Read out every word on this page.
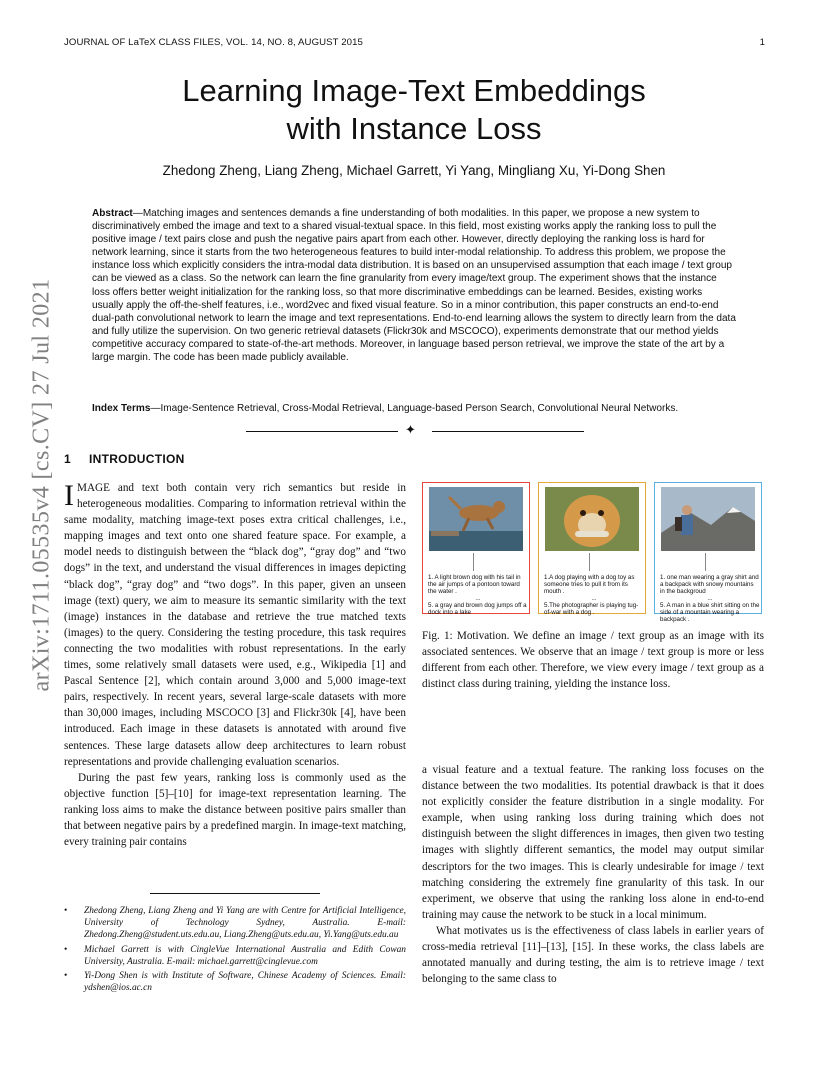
JOURNAL OF LaTeX CLASS FILES, VOL. 14, NO. 8, AUGUST 2015	1
arXiv:1711.05535v4 [cs.CV] 27 Jul 2021
Learning Image-Text Embeddings
with Instance Loss
Zhedong Zheng, Liang Zheng, Michael Garrett, Yi Yang, Mingliang Xu, Yi-Dong Shen
Abstract—Matching images and sentences demands a fine understanding of both modalities. In this paper, we propose a new system to discriminatively embed the image and text to a shared visual-textual space. In this field, most existing works apply the ranking loss to pull the positive image / text pairs close and push the negative pairs apart from each other. However, directly deploying the ranking loss is hard for network learning, since it starts from the two heterogeneous features to build inter-modal relationship. To address this problem, we propose the instance loss which explicitly considers the intra-modal data distribution. It is based on an unsupervised assumption that each image / text group can be viewed as a class. So the network can learn the fine granularity from every image/text group. The experiment shows that the instance loss offers better weight initialization for the ranking loss, so that more discriminative embeddings can be learned. Besides, existing works usually apply the off-the-shelf features, i.e., word2vec and fixed visual feature. So in a minor contribution, this paper constructs an end-to-end dual-path convolutional network to learn the image and text representations. End-to-end learning allows the system to directly learn from the data and fully utilize the supervision. On two generic retrieval datasets (Flickr30k and MSCOCO), experiments demonstrate that our method yields competitive accuracy compared to state-of-the-art methods. Moreover, in language based person retrieval, we improve the state of the art by a large margin. The code has been made publicly available.
Index Terms—Image-Sentence Retrieval, Cross-Modal Retrieval, Language-based Person Search, Convolutional Neural Networks.
✦
1 INTRODUCTION

IMAGE and text both contain very rich semantics but reside in heterogeneous modalities. Comparing to information retrieval within the same modality, matching image-text poses extra critical challenges, i.e., mapping images and text onto one shared feature space. For example, a model needs to distinguish between the “black dog”, “gray dog” and “two dogs” in the text, and understand the visual differences in images depicting “black dog”, “gray dog” and “two dogs”. In this paper, given an unseen image (text) query, we aim to measure its semantic similarity with the text (image) instances in the database and retrieve the true matched texts (images) to the query. Considering the testing procedure, this task requires connecting the two modalities with robust representations. In the early times, some relatively small datasets were used, e.g., Wikipedia [1] and Pascal Sentence [2], which contain around 3,000 and 5,000 image-text pairs, respectively. In recent years, several large-scale datasets with more than 30,000 images, including MSCOCO [3] and Flickr30k [4], have been introduced. Each image in these datasets is annotated with around five sentences. These large datasets allow deep architectures to learn robust representations and provide challenging evaluation scenarios.

During the past few years, ranking loss is commonly used as the objective function [5]–[10] for image-text representation learning. The ranking loss aims to make the distance between positive pairs smaller than that between negative pairs by a predefined margin. In image-text matching, every training pair contains

• Zhedong Zheng, Liang Zheng and Yi Yang are with Centre for Artificial Intelligence, University of Technology Sydney, Australia. E-mail: Zhedong.Zheng@student.uts.edu.au, Liang.Zheng@uts.edu.au, Yi.Yang@uts.edu.au
• Michael Garrett is with CingleVue International Australia and Edith Cowan University, Australia. E-mail: michael.garrett@cinglevue.com
• Yi-Dong Shen is with Institute of Software, Chinese Academy of Sciences. Email: ydshen@ios.ac.cn
1. A light brown dog with his tail in the air jumps of a pontoon toward the water .
...
5. a gray and brown dog jumps off a dock into a lake
1.A dog playing with a dog toy as someone tries to pull it from its mouth .
...
5.The photographer is playing tug-of-war with a dog .
1. one man wearing a gray shirt and a backpack with snowy mountains in the backgroud
...
5. A man in a blue shirt sitting on the side of a mountain wearing a backpack .
Fig. 1: Motivation. We define an image / text group as an image with its associated sentences. We observe that an image / text group is more or less different from each other. Therefore, we view every image / text group as a distinct class during training, yielding the instance loss.

a visual feature and a textual feature. The ranking loss focuses on the distance between the two modalities. Its potential drawback is that it does not explicitly consider the feature distribution in a single modality. For example, when using ranking loss during training which does not distinguish between the slight differences in images, then given two testing images with slightly different semantics, the model may output similar descriptors for the two images. This is clearly undesirable for image / text matching considering the extremely fine granularity of this task. In our experiment, we observe that using the ranking loss alone in end-to-end training may cause the network to be stuck in a local minimum.

What motivates us is the effectiveness of class labels in earlier years of cross-media retrieval [11]–[13], [15]. In these works, the class labels are annotated manually and during testing, the aim is to retrieve image / text belonging to the same class to
